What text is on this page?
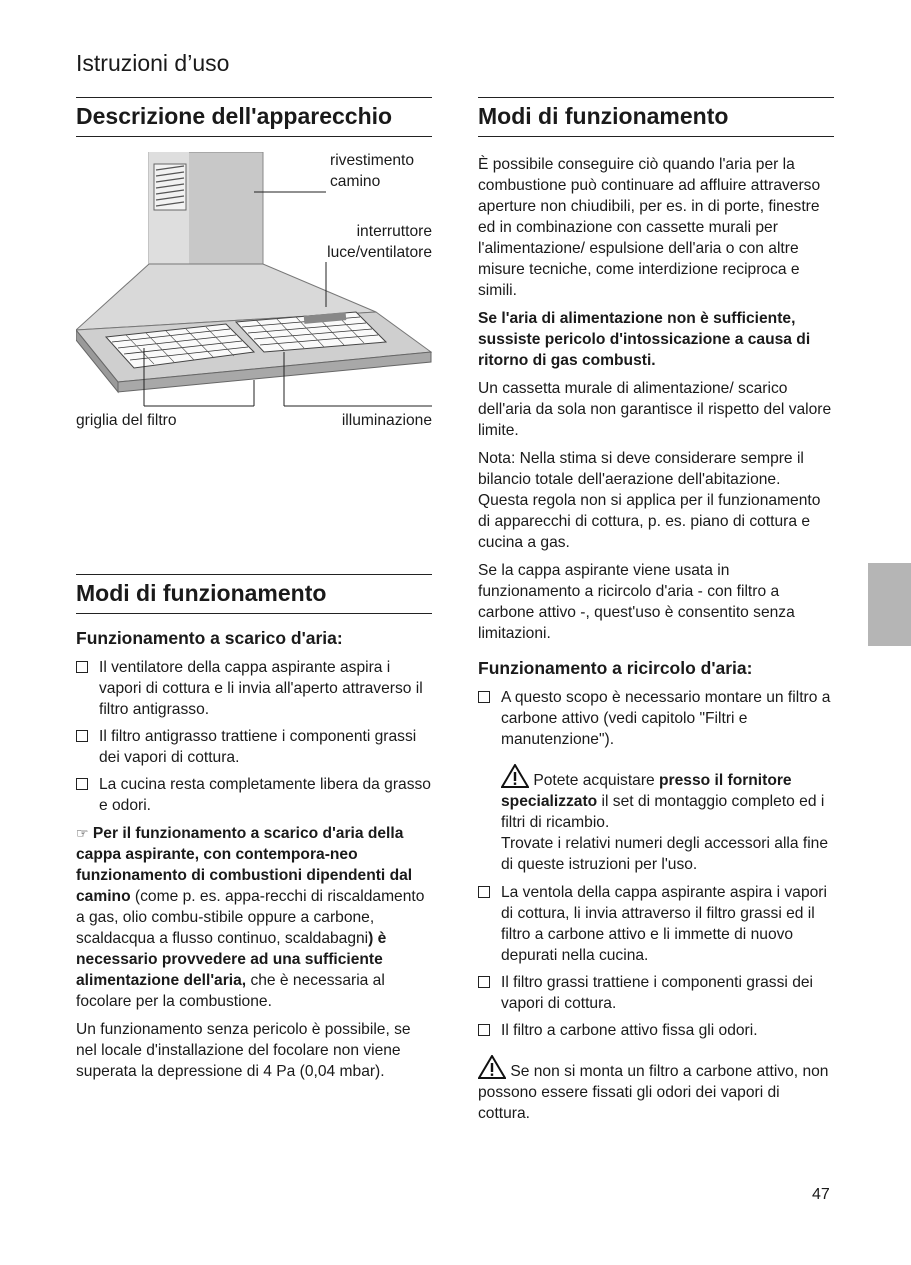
Istruzioni d’uso
Descrizione dell'apparecchio
rivestimento camino
interruttore luce/ventilatore
griglia del filtro	illuminazione
Modi di funzionamento
Funzionamento a scarico d'aria:
Il ventilatore della cappa aspirante aspira i vapori di cottura e li invia all'aperto attraverso il filtro antigrasso.
Il filtro antigrasso trattiene i componenti grassi dei vapori di cottura.
La cucina resta completamente libera da grasso e odori.

☞ Per il funzionamento a scarico d'aria della cappa aspirante, con contempora-neo funzionamento di combustioni dipendenti dal camino (come p. es. appa-recchi di riscaldamento a gas, olio combu-stibile oppure a carbone, scaldacqua a flusso continuo, scaldabagni) è necessario provvedere ad una sufficiente alimentazione dell'aria, che è necessaria al focolare per la combustione.

Un funzionamento senza pericolo è possibile, se nel locale d'installazione del focolare non viene superata la depressione di 4 Pa (0,04 mbar).

Modi di funzionamento

È possibile conseguire ciò quando l'aria per la combustione può continuare ad affluire attraverso aperture non chiudibili, per es. in di porte, finestre ed in combinazione con cassette murali per l'alimentazione/ espulsione dell'aria o con altre misure tecniche, come interdizione reciproca e simili.

Se l'aria di alimentazione non è sufficiente, sussiste pericolo d'intossicazione a causa di ritorno di gas combusti.

Un cassetta murale di alimentazione/ scarico dell'aria da sola non garantisce il rispetto del valore limite.

Nota: Nella stima si deve considerare sempre il bilancio totale dell'aerazione dell'abitazione. Questa regola non si applica per il funzionamento di apparecchi di cottura, p. es. piano di cottura e cucina a gas.

Se la cappa aspirante viene usata in funzionamento a ricircolo d'aria - con filtro a carbone attivo -, quest'uso è consentito senza limitazioni.

Funzionamento a ricircolo d'aria:
A questo scopo è necessario montare un filtro a carbone attivo (vedi capitolo "Filtri e manutenzione").

Potete acquistare presso il fornitore specializzato il set di montaggio completo ed i filtri di ricambio.
Trovate i relativi numeri degli accessori alla fine di queste istruzioni per l'uso.

La ventola della cappa aspirante aspira i vapori di cottura, li invia attraverso il filtro grassi ed il filtro a carbone attivo e li immette di nuovo depurati nella cucina.
Il filtro grassi trattiene i componenti grassi dei vapori di cottura.
Il filtro a carbone attivo fissa gli odori.

Se non si monta un filtro a carbone attivo, non possono essere fissati gli odori dei vapori di cottura.

47
